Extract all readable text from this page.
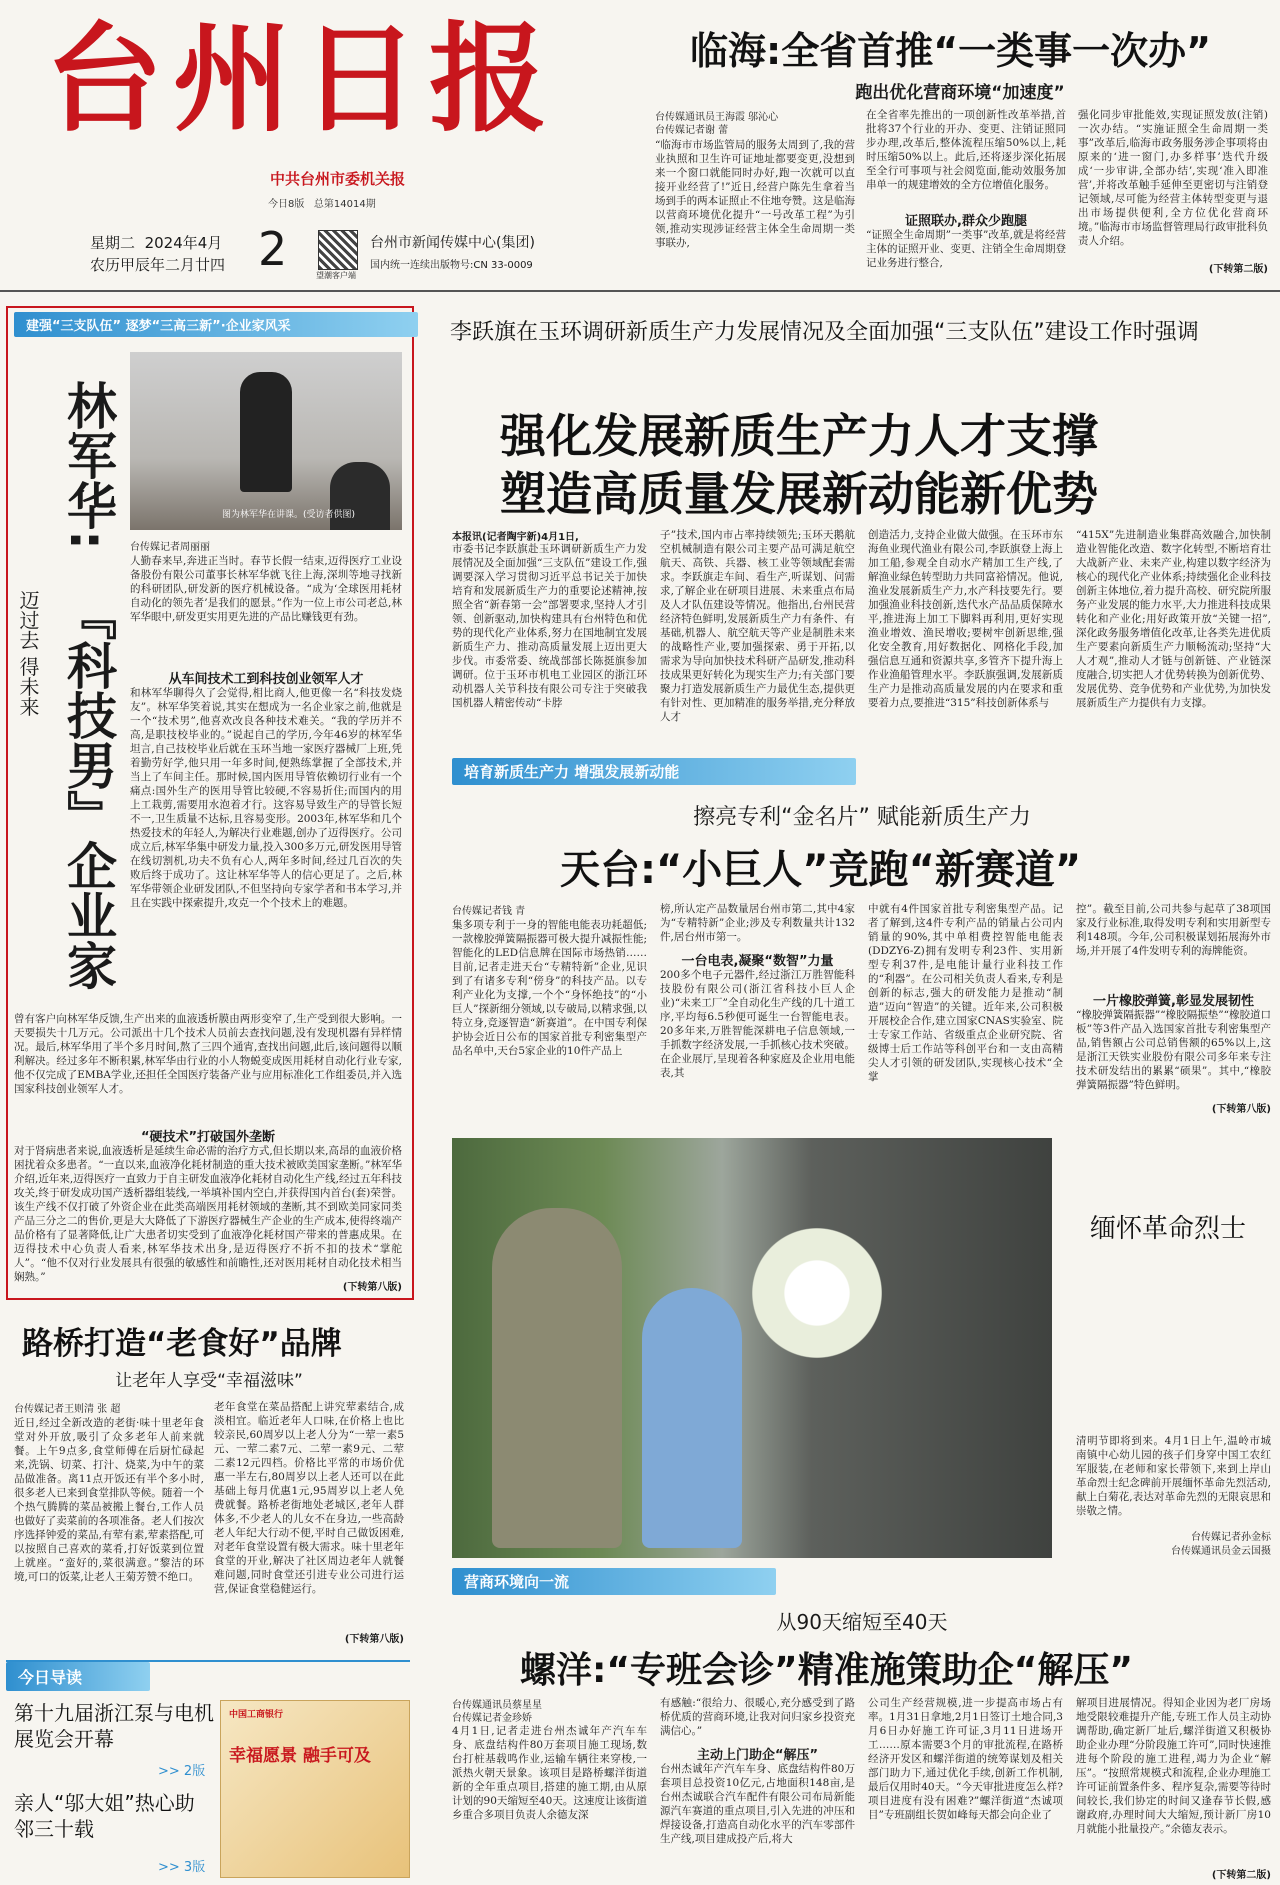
台州日报
中共台州市委机关报
今日8版 总第14014期
星期二 2024年4月
农历甲辰年二月廿四 2	望潮客户端
台州市新闻传媒中心(集团)
国内统一连续出版物号:CN 33-0009
临海:全省首推“一类事一次办”
跑出优化营商环境“加速度”
台传媒通讯员王海霞 邬沁心
台传媒记者谢 蕾
“临海市市场监管局的服务太周到了,我的营业执照和卫生许可证地址都要变更,没想到来一个窗口就能同时办好,跑一次就可以直接开业经营了!”近日,经营户陈先生拿着当场到手的两本证照止不住地夸赞。这是临海以营商环境优化提升“一号改革工程”为引领,推动实现涉证经营主体全生命周期一类事联办,
在全省率先推出的一项创新性改革举措,首批将37个行业的开办、变更、注销证照同步办理,改革后,整体流程压缩50%以上,耗时压缩50%以上。此后,还将逐步深化拓展至全行可事项与社会阅览面,能动效服务加串单一的规建增效的全方位增值化服务。
证照联办,群众少跑腿
“证照全生命周期”一类事”改革,就是将经营主体的证照开业、变更、注销全生命周期登记业务进行整合,
强化同步审批能效,实现证照发放(注销)一次办结。“实施证照全生命周期一类事”改革后,临海市政务服务涉企事项将由原来的‘进一窗门,办多样事’迭代升级成‘一步审讲,全部办结’,实现‘准入即准营’,并将改革触手延伸至更密切与注销登记领域,尽可能为经营主体转型变更与退出市场提供便利,全方位优化营商环境。”临海市市场监督管理局行政审批科负责人介绍。
(下转第二版)
建强“三支队伍” 逐梦“三高三新”·企业家风采
林军华:
『科技男』企业家
迈过去 得未来
图为林军华在讲课。(受访者供图)
台传媒记者周丽丽
人勤春来早,奔进正当时。春节长假一结束,迈得医疗工业设备股份有限公司董事长林军华就飞往上海,深圳等地寻找新的科研团队,研发新的医疗机械设备。“成为‘全球医用耗材自动化的领先者’是我们的愿景。”作为一位上市公司老总,林军华眼中,研发更实用更先进的产品比赚钱更有劲。
从车间技术工到科技创业领军人才
和林军华聊得久了会觉得,相比商人,他更像一名“科技发烧友”。林军华笑着说,其实在想成为一名企业家之前,他就是一个“技术男”,他喜欢改良各种技术难关。“我的学历并不高,是职技校毕业的。”说起自己的学历,今年46岁的林军华坦言,自己技校毕业后就在玉环当地一家医疗器械厂上班,凭着勤劳好学,他只用一年多时间,便熟练掌握了全部技术,并当上了车间主任。那时候,国内医用导管依赖切行业有一个痛点:国外生产的医用导管比较硬,不容易折住;而国内的用上工栽剪,需要用水泡着才行。这容易导致生产的导管长短不一,卫生质量不达标,且容易变形。2003年,林军华和几个热爱技术的年轻人,为解决行业难题,创办了迈得医疗。公司成立后,林军华集中研发力量,投入300多万元,研发医用导管在线切割机,功夫不负有心人,两年多时间,经过几百次的失败后终于成功了。这让林军华等人的信心更足了。之后,林军华带领企业研发团队,不但坚持向专家学者和书本学习,并且在实践中探索提升,攻克一个个技术上的难题。
曾有客户向林军华反馈,生产出来的血液透析膜由两形变窄了,生产受到很大影响。一天要损失十几万元。公司派出十几个技术人员前去查找问题,没有发现机器有异样情况。最后,林军华用了半个多月时间,熬了三四个通宵,查找出问题,此后,该问题得以顺利解决。经过多年不断积累,林军华由行业的小人物蜕变成医用耗材自动化行业专家,他不仅完成了EMBA学业,还担任全国医疗装备产业与应用标准化工作组委员,并入选国家科技创业领军人才。
“硬技术”打破国外垄断
对于肾病患者来说,血液透析是延续生命必需的治疗方式,但长期以来,高昂的血液价格困扰着众多患者。“一直以来,血液净化耗材制造的重大技术被欧美国家垄断。”林军华介绍,近年来,迈得医疗一直致力于自主研发血液净化耗材自动化生产线,经过五年科技攻关,终于研发成功国产透析器组装线,一举填补国内空白,并获得国内首台(套)荣誉。该生产线不仅打破了外资企业在此类高端医用耗材领域的垄断,其不到欧美同家同类产品三分之二的售价,更是大大降低了下游医疗器械生产企业的生产成本,使得终端产品价格有了显著降低,让广大患者切实受到了血液净化耗材国产带来的普惠成果。在迈得技术中心负责人看来,林军华技术出身,是迈得医疗不折不扣的技术“掌舵人”。“他不仅对行业发展具有很强的敏感性和前瞻性,还对医用耗材自动化技术相当娴熟。”
(下转第八版)
李跃旗在玉环调研新质生产力发展情况及全面加强“三支队伍”建设工作时强调
强化发展新质生产力人才支撑
塑造高质量发展新动能新优势
本报讯(记者陶宇新)4月1日,
市委书记李跃旗赴玉环调研新质生产力发展情况及全面加强“三支队伍”建设工作,强调要深入学习贯彻习近平总书记关于加快培育和发展新质生产力的重要论述精神,按照全省“新春第一会”部署要求,坚持人才引领、创新驱动,加快构建具有台州特色和优势的现代化产业体系,努力在国地制宜发展新质生产力、推动高质量发展上迈出更大步伐。市委常委、统战部部长陈挺旗参加调研。位于玉环市机电工业园区的浙江环动机器人关节科技有限公司专注于突破我国机器人精密传动“卡脖
子”技术,国内市占率持续领先;玉环天鹅航空机械制造有限公司主要产品可满足航空航天、高铁、兵器、核工业等领域配套需求。李跃旗走车间、看生产,听谋划、问需求,了解企业在研项目进展、未来重点布局及人才队伍建设等情况。他指出,台州民营经济特色鲜明,发展新质生产力有条件、有基础,机器人、航空航天等产业是制胜未来的战略性产业,要加强探索、勇于开拓,以需求为导向加快技术科研产品研发,推动科技成果更好转化为现实生产力;有关部门要聚力打造发展新质生产力最优生态,提供更有针对性、更加精准的服务举措,充分释放人才
创造活力,支持企业做大做强。在玉环市东海鱼业现代渔业有限公司,李跃旗登上海上加工船,参观全自动水产精加工生产线,了解渔业绿色转型助力共同富裕情况。他说,渔业发展新质生产力,水产科技要先行。要加强渔业科技创新,迭代水产品品质保障水平,推进海上加工下脚料再利用,更好实现渔业增效、渔民增收;要树牢创新思维,强化安全教育,用好数据化、网格化手段,加强信息互通和资源共享,多管齐下提升海上作业渔船管理水平。李跃旗强调,发展新质生产力是推动高质量发展的内在要求和重要着力点,要推进“315”科技创新体系与
“415X”先进制造业集群高效融合,加快制造业智能化改造、数字化转型,不断培育壮大战新产业、未来产业,构建以数字经济为核心的现代化产业体系;持续强化企业科技创新主体地位,着力提升高校、研究院所服务产业发展的能力水平,大力推进科技成果转化和产业化;用好政策开放“关键一招”,深化政务服务增值化改革,让各类先进优质生产要素向新质生产力顺畅流动;坚持“大人才观”,推动人才链与创新链、产业链深度融合,切实把人才优势转换为创新优势、发展优势、竞争优势和产业优势,为加快发展新质生产力提供有力支撑。
培育新质生产力 增强发展新动能
擦亮专利“金名片” 赋能新质生产力
天台:“小巨人”竞跑“新赛道”
台传媒记者钱 青
集多项专利于一身的智能电能表功耗超低;一款橡胶弹簧隔振器可极大提升减振性能;智能化的LED信息牌在国际市场热销……目前,记者走进天台“专精特新”企业,见识到了有诸多专利“傍身”的科技产品。以专利产业化为支撑,一个个“身怀绝技”的“小巨人”探新细分领域,以专破局,以精求强,以特立身,竞逐智造“新赛道”。在中国专利保护协会近日公布的国家首批专利密集型产品名单中,天台5家企业的10件产品上
榜,所认定产品数量居台州市第二,其中4家为“专精特新”企业;涉及专利数量共计132件,居台州市第一。
一台电表,凝聚“数智”力量
200多个电子元器件,经过浙江万胜智能科技股份有限公司(浙江省科技小巨人企业)“未来工厂”全自动化生产线的几十道工序,平均每6.5秒便可诞生一台智能电表。20多年来,万胜智能深耕电子信息领域,一手抓数字经济发展,一手抓核心技术突破。在企业展厅,呈现着各种家庭及企业用电能表,其
中就有4件国家首批专利密集型产品。记者了解到,这4件专利产品的销量占公司内销量的90%,其中单相费控智能电能表(DDZY6-Z)拥有发明专利23件、实用新型专利37件,是电能计量行业科技工作的“利器”。在公司相关负责人看来,专利是创新的标志,强大的研发能力是推动“制造”迈向“智造”的关键。近年来,公司积极开展校企合作,建立国家CNAS实验室、院士专家工作站、省级重点企业研究院、省级博士后工作站等科创平台和一支由高精尖人才引领的研发团队,实现核心技术“全掌
控”。截至目前,公司共参与起草了38项国家及行业标准,取得发明专利和实用新型专利148项。今年,公司积极谋划拓展海外市场,并开展了4件发明专利的海牌能资。
一片橡胶弹簧,彰显发展韧性
“橡胶弹簧隔振器”“橡胶隔振垫”“橡胶道口板”等3件产品入选国家首批专利密集型产品,销售额占公司总销售额的65%以上,这是浙江天铁实业股份有限公司多年来专注技术研发结出的累累“硕果”。其中,“橡胶弹簧隔振器”特色鲜明。
(下转第八版)
缅怀革命烈士
清明节即将到来。4月1日上午,温岭市城南镇中心幼儿园的孩子们身穿中国工农红军服装,在老师和家长带领下,来到上岸山革命烈士纪念碑前开展缅怀革命先烈活动,献上白菊花,表达对革命先烈的无限哀思和崇敬之情。
台传媒记者孙金标
台传媒通讯员金云国摄
营商环境向一流
从90天缩短至40天
螺洋:“专班会诊”精准施策助企“解压”
台传媒通讯员蔡星星
台传媒记者金珍娇
4月1日,记者走进台州杰诚年产汽车车身、底盘结构件80万套项目施工现场,数台打桩基载鸣作业,运输车辆往来穿梭,一派热火朝天景象。该项目是路桥螺洋街道新的全年重点项目,搭建的施工期,由从原计划的90天缩短至40天。这速度让该街道乡重合多项目负责人余德友深
有感触:“很给力、很暖心,充分感受到了路桥优质的营商环境,让我对问归家乡投资充满信心。”
主动上门助企“解压”
台州杰诚年产汽车车身、底盘结构件80万套项目总投资10亿元,占地面积148亩,是台州杰诚联合汽车配件有限公司布局新能源汽车赛道的重点项目,引入先进的冲压和焊接设备,打造高自动化水平的汽车零部件生产线,项目建成投产后,将大
公司生产经营规模,进一步提高市场占有率。1月31日拿地,2月1日签订土地合同,3月6日办好施工许可证,3月11日进场开工……原本需要3个月的审批流程,在路桥经济开发区和螺洋街道的统筹谋划及相关部门助力下,通过优化手续,创新工作机制,最后仅用时40天。“今天审批进度怎么样?项目进度有没有困难?”螺洋街道“杰诚项目”专班副组长贺如峰每天都会向企业了
解项目进展情况。得知企业因为老厂房场地受限较难提升产能,专班工作人员主动协调帮助,确定新厂址后,螺洋街道又积极协助企业办理“分阶段施工许可”,同时快速推进每个阶段的施工进程,竭力为企业“解压”。“按照常规模式和流程,企业办理施工许可证前置条件多、程序复杂,需要等待时间较长,我们协定的时间又逢春节长假,感谢政府,办理时间大大缩短,预计新厂房10月就能小批量投产。”余德友表示。
(下转第二版)
路桥打造“老食好”品牌
让老年人享受“幸福滋味”
台传媒记者王则清 张 超
近日,经过全新改造的老街·味十里老年食堂对外开放,吸引了众多老年人前来就餐。上午9点多,食堂师傅在后厨忙碌起来,洗锅、切菜、打汁、烧菜,为中午的菜品做准备。离11点开饭还有半个多小时,很多老人已来到食堂排队等候。随着一个个热气腾腾的菜品被搬上餐台,工作人员也做好了卖菜前的各项准备。老人们按次序选择钟爱的菜品,有荤有素,荤素搭配,可以按照自己喜欢的菜肴,打好饭菜到位置上就座。“蛮好的,菜很满意。”黎洁的环境,可口的饭菜,让老人王菊芳赞不绝口。
老年食堂在菜品搭配上讲究荤素结合,成淡相宜。临近老年人口味,在价格上也比较亲民,60周岁以上老人分为“一荤一素5元、一荤二素7元、二荤一素9元、二荤二素12元四档。价格比平常的市场价优惠一半左右,80周岁以上老人还可以在此基础上每月优惠1元,95周岁以上老人免费就餐。路桥老街地处老城区,老年人群体多,不少老人的儿女不在身边,一些高龄老人年纪大行动不便,平时自己做饭困难,对老年食堂设置有极大需求。味十里老年食堂的开业,解决了社区周边老年人就餐难问题,同时食堂还引进专业公司进行运营,保证食堂稳健运行。
(下转第八版)
今日导读
第十九届浙江泵与电机展览会开幕
>> 2版
亲人“邬大姐”热心助邻三十载
>> 3版
中国工商银行
幸福愿景 融手可及
